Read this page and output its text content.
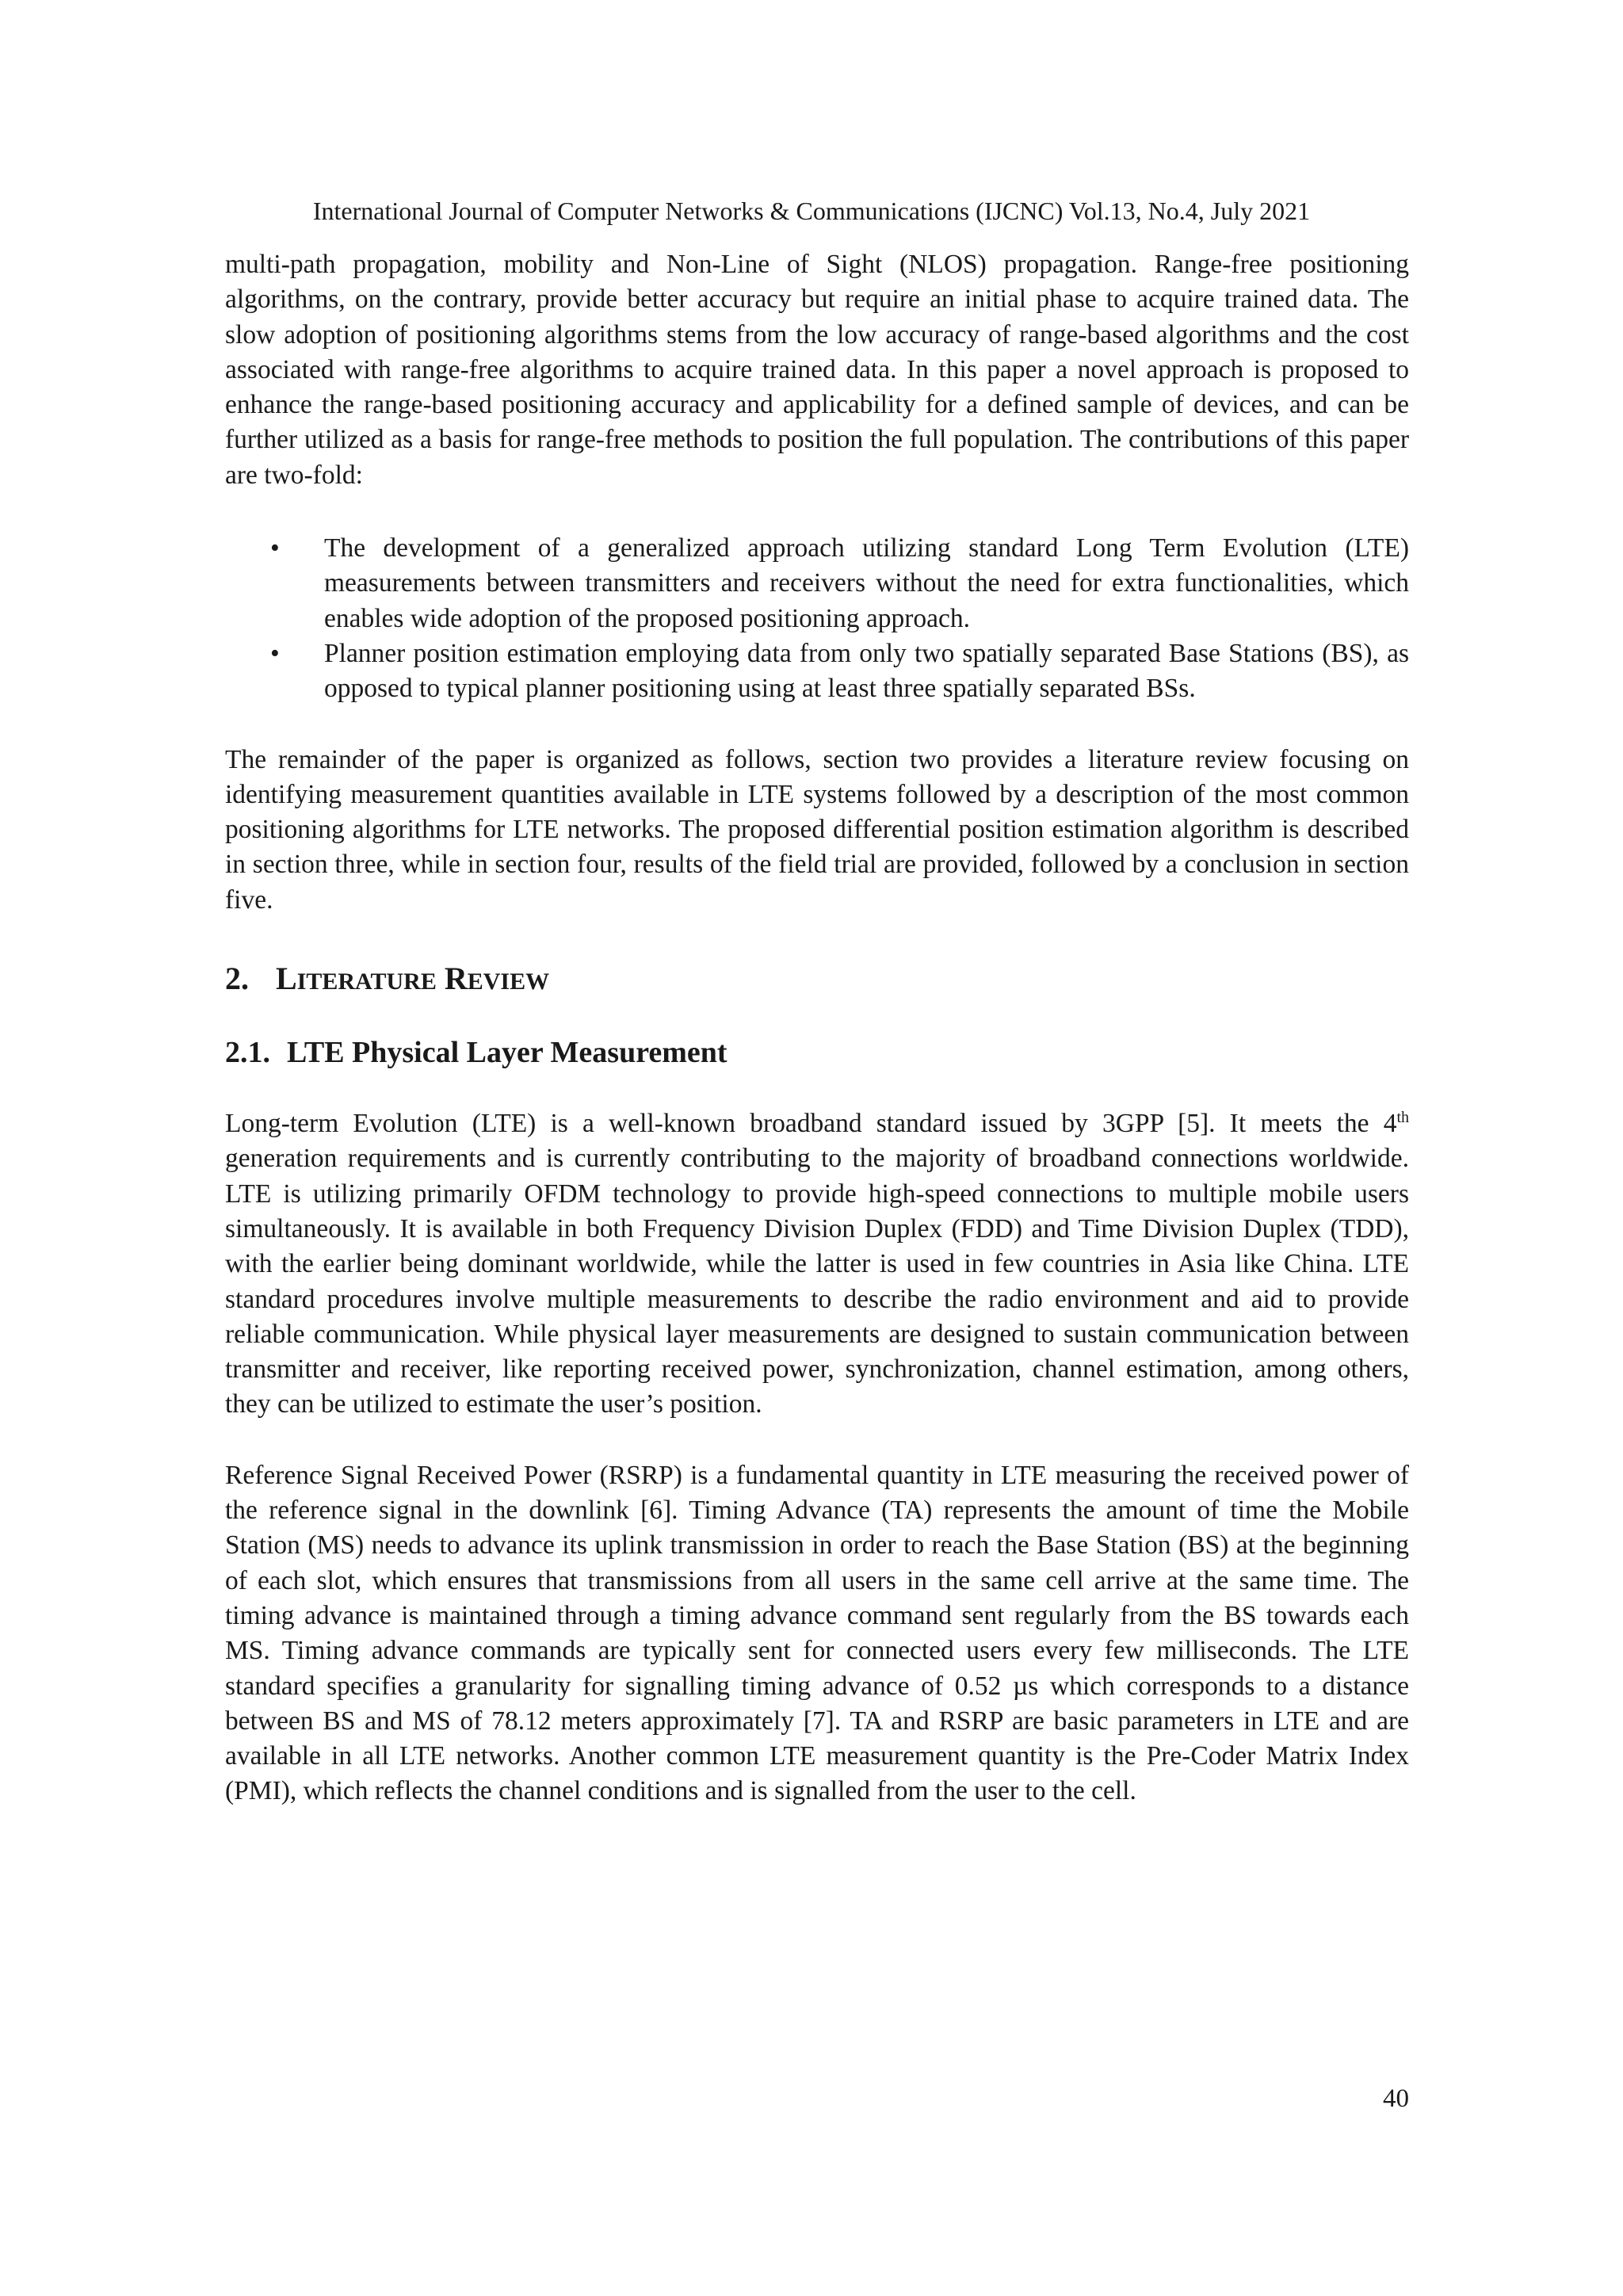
International Journal of Computer Networks & Communications (IJCNC) Vol.13, No.4, July 2021

multi-path propagation, mobility and Non-Line of Sight (NLOS) propagation. Range-free positioning algorithms, on the contrary, provide better accuracy but require an initial phase to acquire trained data. The slow adoption of positioning algorithms stems from the low accuracy of range-based algorithms and the cost associated with range-free algorithms to acquire trained data. In this paper a novel approach is proposed to enhance the range-based positioning accuracy and applicability for a defined sample of devices, and can be further utilized as a basis for range-free methods to position the full population. The contributions of this paper are two-fold:

• The development of a generalized approach utilizing standard Long Term Evolution (LTE) measurements between transmitters and receivers without the need for extra functionalities, which enables wide adoption of the proposed positioning approach.
• Planner position estimation employing data from only two spatially separated Base Stations (BS), as opposed to typical planner positioning using at least three spatially separated BSs.

The remainder of the paper is organized as follows, section two provides a literature review focusing on identifying measurement quantities available in LTE systems followed by a description of the most common positioning algorithms for LTE networks. The proposed differential position estimation algorithm is described in section three, while in section four, results of the field trial are provided, followed by a conclusion in section five.

2. LITERATURE REVIEW
2.1. LTE Physical Layer Measurement

Long-term Evolution (LTE) is a well-known broadband standard issued by 3GPP [5]. It meets the 4th generation requirements and is currently contributing to the majority of broadband connections worldwide. LTE is utilizing primarily OFDM technology to provide high-speed connections to multiple mobile users simultaneously. It is available in both Frequency Division Duplex (FDD) and Time Division Duplex (TDD), with the earlier being dominant worldwide, while the latter is used in few countries in Asia like China. LTE standard procedures involve multiple measurements to describe the radio environment and aid to provide reliable communication. While physical layer measurements are designed to sustain communication between transmitter and receiver, like reporting received power, synchronization, channel estimation, among others, they can be utilized to estimate the user’s position.

Reference Signal Received Power (RSRP) is a fundamental quantity in LTE measuring the received power of the reference signal in the downlink [6]. Timing Advance (TA) represents the amount of time the Mobile Station (MS) needs to advance its uplink transmission in order to reach the Base Station (BS) at the beginning of each slot, which ensures that transmissions from all users in the same cell arrive at the same time. The timing advance is maintained through a timing advance command sent regularly from the BS towards each MS. Timing advance commands are typically sent for connected users every few milliseconds. The LTE standard specifies a granularity for signalling timing advance of 0.52 µs which corresponds to a distance between BS and MS of 78.12 meters approximately [7]. TA and RSRP are basic parameters in LTE and are available in all LTE networks. Another common LTE measurement quantity is the Pre-Coder Matrix Index (PMI), which reflects the channel conditions and is signalled from the user to the cell.

40
